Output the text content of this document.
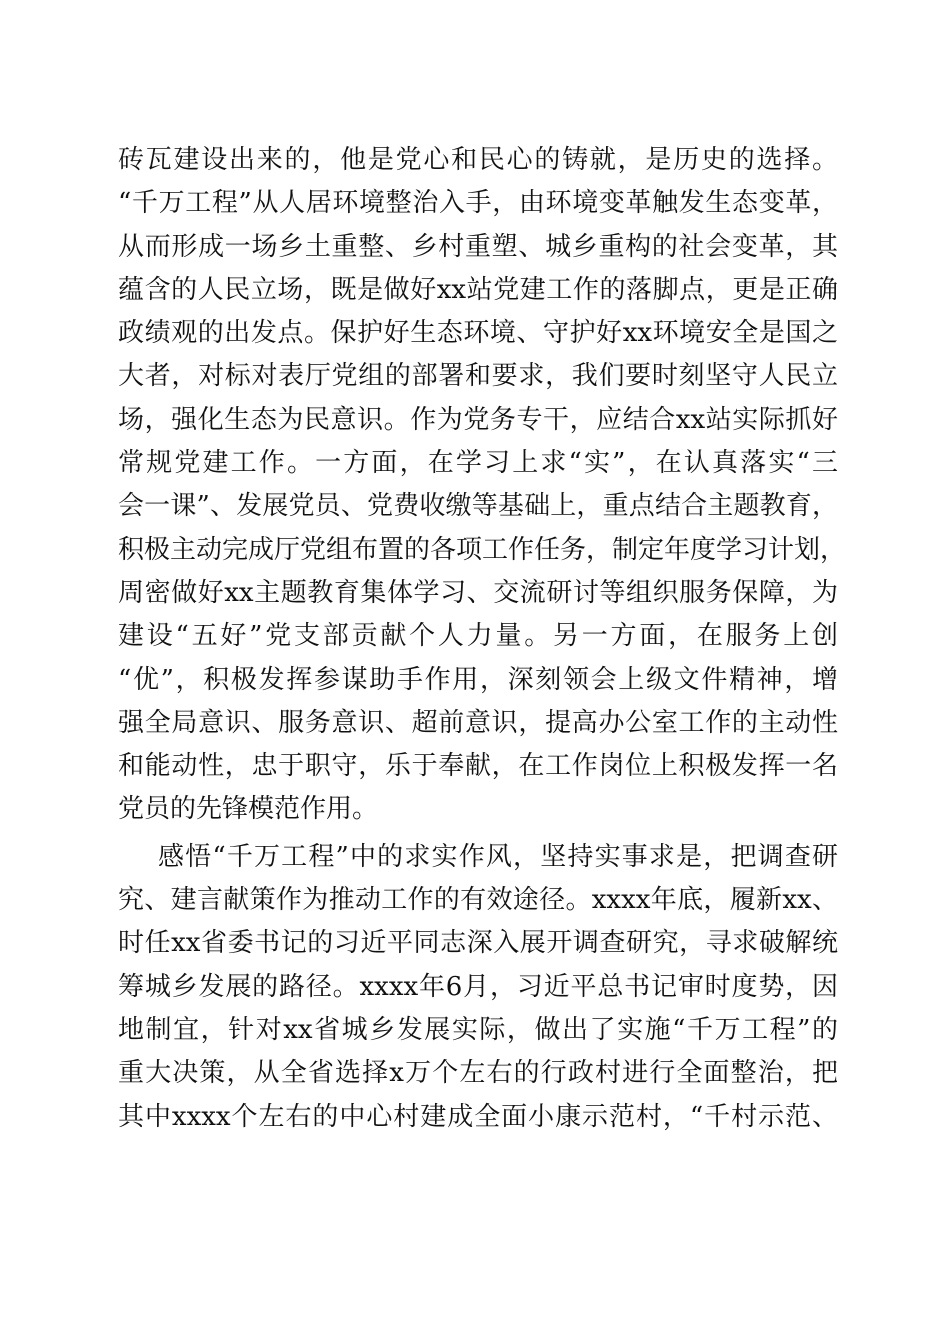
砖瓦建设出来的，他是党心和民心的铸就，是历史的选择。
“千万工程”从人居环境整治入手，由环境变革触发生态变革，
从而形成一场乡土重整、乡村重塑、城乡重构的社会变革，其
蕴含的人民立场，既是做好xx站党建工作的落脚点，更是正确
政绩观的出发点。保护好生态环境、守护好xx环境安全是国之
大者，对标对表厅党组的部署和要求，我们要时刻坚守人民立
场，强化生态为民意识。作为党务专干，应结合xx站实际抓好
常规党建工作。一方面，在学习上求“实”，在认真落实“三
会一课”、发展党员、党费收缴等基础上，重点结合主题教育，
积极主动完成厅党组布置的各项工作任务，制定年度学习计划，
周密做好xx主题教育集体学习、交流研讨等组织服务保障，为
建设“五好”党支部贡献个人力量。另一方面，在服务上创
“优”，积极发挥参谋助手作用，深刻领会上级文件精神，增
强全局意识、服务意识、超前意识，提高办公室工作的主动性
和能动性，忠于职守，乐于奉献，在工作岗位上积极发挥一名
党员的先锋模范作用。
感悟“千万工程”中的求实作风，坚持实事求是，把调查研
究、建言献策作为推动工作的有效途径。xxxx年底，履新xx、
时任xx省委书记的习近平同志深入展开调查研究，寻求破解统
筹城乡发展的路径。xxxx年6月，习近平总书记审时度势，因
地制宜，针对xx省城乡发展实际，做出了实施“千万工程”的
重大决策，从全省选择x万个左右的行政村进行全面整治，把
其中xxxx个左右的中心村建成全面小康示范村，“千村示范、
